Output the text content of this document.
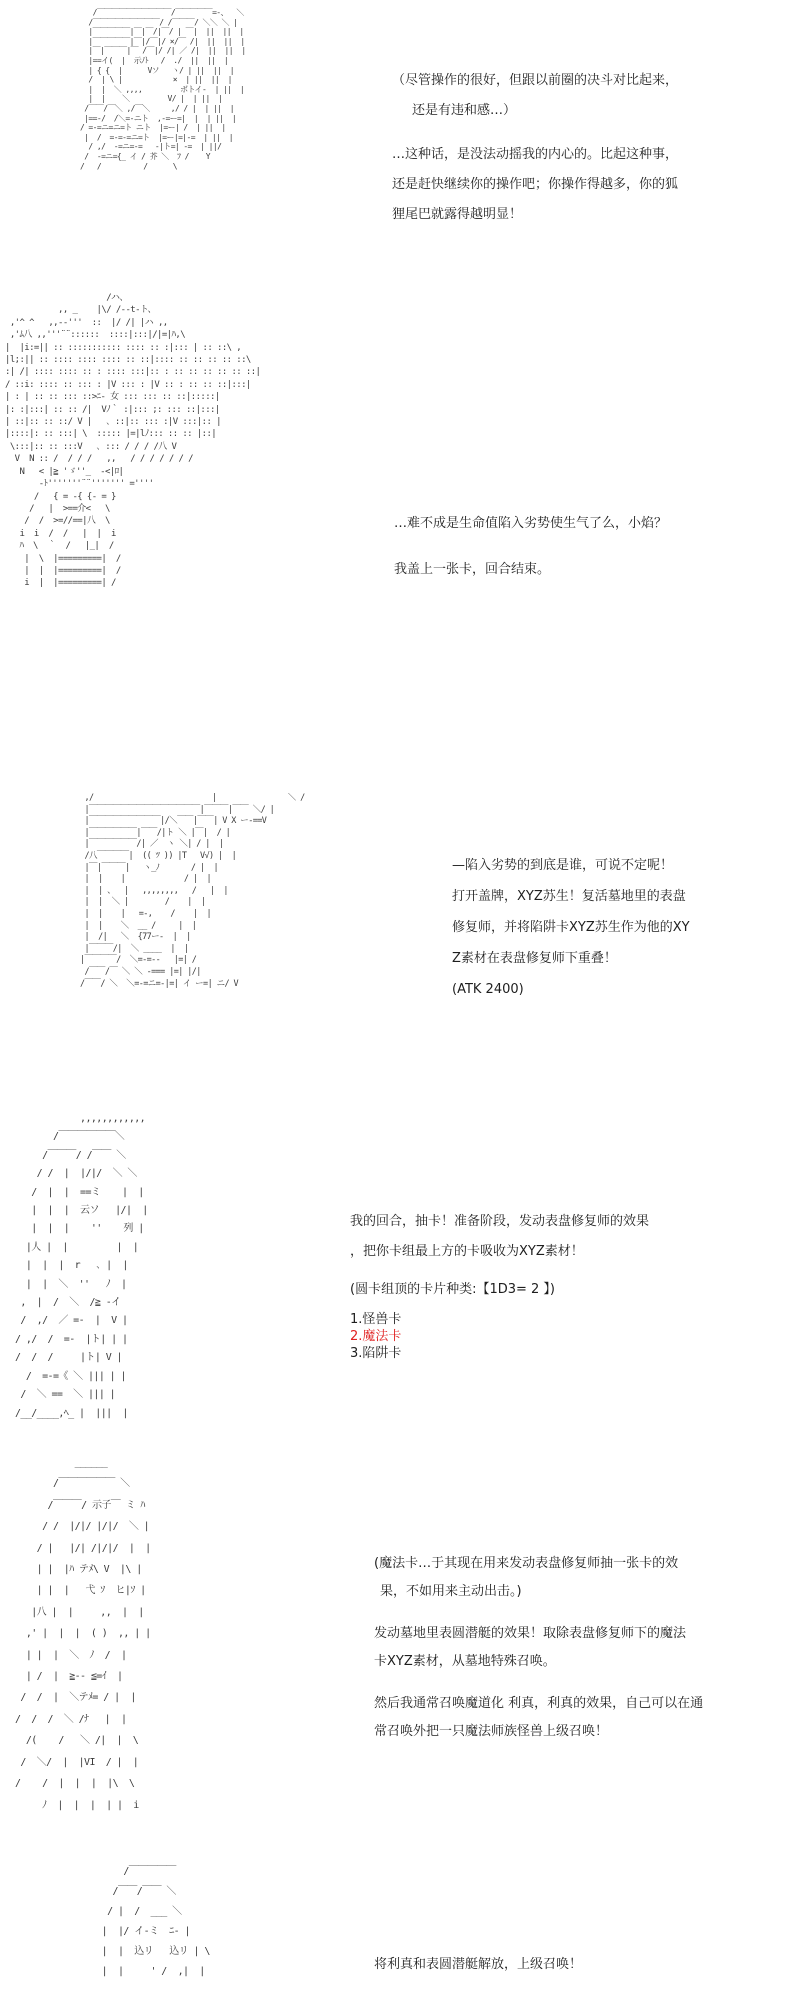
/￣￣￣￣￣￣￣￣￣￣/￣￣￣￣￣=-、  ＼
/￣￣￣￣￣￣￣￣￣/ /￣￣￣/ ＼＼ ＼ |
|￣￣￣￣￣|￣|￣/|￣/ | ￣|  ||  ||  |
|￣￣￣￣￣|￣|/￣|/ ×/￣ /|  ||  ||  |
|￣|￣￣￣|￣ /￣|/ /| ／ /|  ||  ||  |
|==イ(  |  示ﾉﾄ   /  ./  ||  ||  |
| { {  |      Vソ   ヽ/ | ||  ||  |
/  | \ |            ×  | ||  ||  |
|  |  ＼ ,,,,         ボトイ-  | ||  |
|  |    ＼         V/ |  | ||  |
/￣￣/￣＼ ,/￣＼     ,/ / |  | ||  |
|==-/  /＼=-ニト  ,-=ー=|  |  | ||  |
/ =-=ニ=ニ=ト ニト  |=ー| /  | ||  |
|  /  =-=-=ニ=ト  |=ー|=|-=  | ||  |
/ ,/  -=ニ=-=   -|ト=| -=  | ||/
/  -=ニ={_ イ / 芥 ＼  ﾌ /    Y
/   /          /      \

（尽管操作的很好，但跟以前圈的决斗对比起来，

还是有违和感…）

…这种话，是没法动摇我的内心的。比起这种事，

还是赶快继续你的操作吧；你操作得越多，你的狐

狸尾巴就露得越明显！

/ハ、
,, _    |\/ /-‐t-ト、
,'^ ^   ,,--'''  ::  |/ /| |ハ ,,
,'ﾑ八 ,,'''¨¨::::::  ::::|:::|/|=|ﾊ,\
|  |i:=|| :: ::::::::::: :::: :: :|::: | :: ::\ ,
|l;:|| :: :::: :::: :::: :: ::|:::: :: :: :: :: ::\
:| /| :::: :::: :: : :::: :::|:: : :: :: :: :: :: ::|
/ ::i: :::: :: ::: : |V ::: : |V :: : :: :: ::|:::|
| : | :: :: ::: ::>ﾆ- 女 ::: ::: :: ::|:::::|
|: :|:::| :: :: /|  Vﾉ｀ :|::: ;: ::: ::|:::|
| ::|:: :: ::/ V |   ､ ::|:: ::: :|V :::|:: |
|::::|: :: :::| \  ::::: |=|lﾉ::: :: :: |::|
\:::|:: :: :::V   ､ ::: / / / /八 V
V  N :: /  / / /   ,,   / / / / / / /
N   < |≧ 'ゞ''_  -<|ﾛ|
-ﾄ'''''''¨¨''''''' =''''
/   { = -{ {- = }
/   |  >==介<   \
/  /  >=//==|八  \
i  i  /  /   |  |  i
ﾊ  \  ｀  /   |_|  /
|  \  |=========|  /
|  |  |=========|  /
i  |  |=========| /

…难不成是生命值陷入劣势使生气了么，小焰？

我盖上一张卡，回合结束。

,/￣￣￣￣￣￣￣￣￣￣￣￣￣￣￣|￣￣￣￣￣￣￣￣￣＼ /
|￣￣￣￣￣￣￣￣￣￣￣￣￣￣|￣￣￣|￣￣ ＼/ |
|￣￣￣￣￣￣￣￣￣|/＼￣￣|￣￣| V X ー-==V
|￣￣￣￣￣￣|￣￣/|ト ＼ |￣|  / |
|￣￣￣￣￣￣/| ／  ヽ ＼| / |  |
/八￣￣￣￣|  (( ﾂ )) |T   V√) |  |
|￣|￣￣￣|   ヽ_ﾉ       / |  |
|  |    |             / |  |
|  | 、  |   ,,,,,,,,   /   |  |
|  |  ＼ |        /    |  |
|  |    |   =-,    /    |  |
|  |    ＼  __ /     |  |
|  /|   ＼  {77ー-  |  |
|￣￣￣/|  ＼ ____  |  |
|￣￣￣￣/  ＼=-=--   |=| /
/￣￣/￣ ＼ ＼ -=== |=| |/|
/￣￣/ ＼  ＼=-=ニ=-|=| イ ー=| ニ/ V

—陷入劣势的到底是谁，可说不定呢！

打开盖牌，XYZ苏生！复活墓地里的表盘

修复师，并将陷阱卡XYZ苏生作为他的XY

Z素材在表盘修复师下重叠！

(ATK 2400)

,,,,,,,,,,,,
/￣￣￣￣￣￣＼
/￣￣￣/ /￣￣ ＼
/ /  |  |/|/  ＼ ＼
/  |  |  ==ミ    |  |
|  |  |  云ソ   |/|  |
|  |  |    ''    列 |
|人 |  |         |  |
|  |  |  r   ､ |  |
|  |  ＼  ''   ﾉ  |
,  |  /  ＼  /≧ -イ
/  ,/  ／ =-  |  V |
/ ,/  /  =-  |ト| | |
/  /  /     |ト| V |
/  =-=《 ＼ ||| | |
/  ＼ ==  ＼ ||| |
/__/____,ﾍ_ |  |||  |

我的回合，抽卡！准备阶段，发动表盘修复师的效果

，把你卡组最上方的卡吸收为XYZ素材！

(圆卡组顶的卡片种类:【1D3= 2 】)

1.怪兽卡

2.魔法卡

3.陷阱卡

______
/￣￣￣￣￣￣ ＼
/￣￣￣/ 示子￣ ミ ﾊ
/ /  |/|/ |/|/  ＼ |
/ |   |/| /|/|/  |  |
| |  |ﾊ テﾒ\ V  |\ |
| |  |   弋 ｿ  ヒ|ｿ |
|八 |  |     ,,  |  |
,' |  |  |  ( )  ,, | |
| |  |  ＼  ﾉ  /  |
| /  |  ≧-- ≦=ｲ  |
/  /  |  ＼テﾒ= / |  |
/  /  /  ＼ /ﾅ   |  |
/(    /   ＼ /|  |  \
/  ＼/  |  |VI  / |  |
/    /  |  |  |  |\  \
ﾉ  |  |  |  | |  i

(魔法卡…于其现在用来发动表盘修复师抽一张卡的效

果，不如用来主动出击。)

发动墓地里表圆潜艇的效果！取除表盘修复师下的魔法

卡XYZ素材，从墓地特殊召唤。

然后我通常召唤魔道化 利真，利真的效果，自己可以在通

常召唤外把一只魔法师族怪兽上级召唤！

/￣￣￣￣￣
/￣￣/￣￣ ＼
/ |  /  ___ ＼
|  |/ イ-ミ  ﾆ- |
|  |  込リ   込リ | \
|  |     ' /  ,|  |	将利真和表圆潜艇解放，上级召唤！
